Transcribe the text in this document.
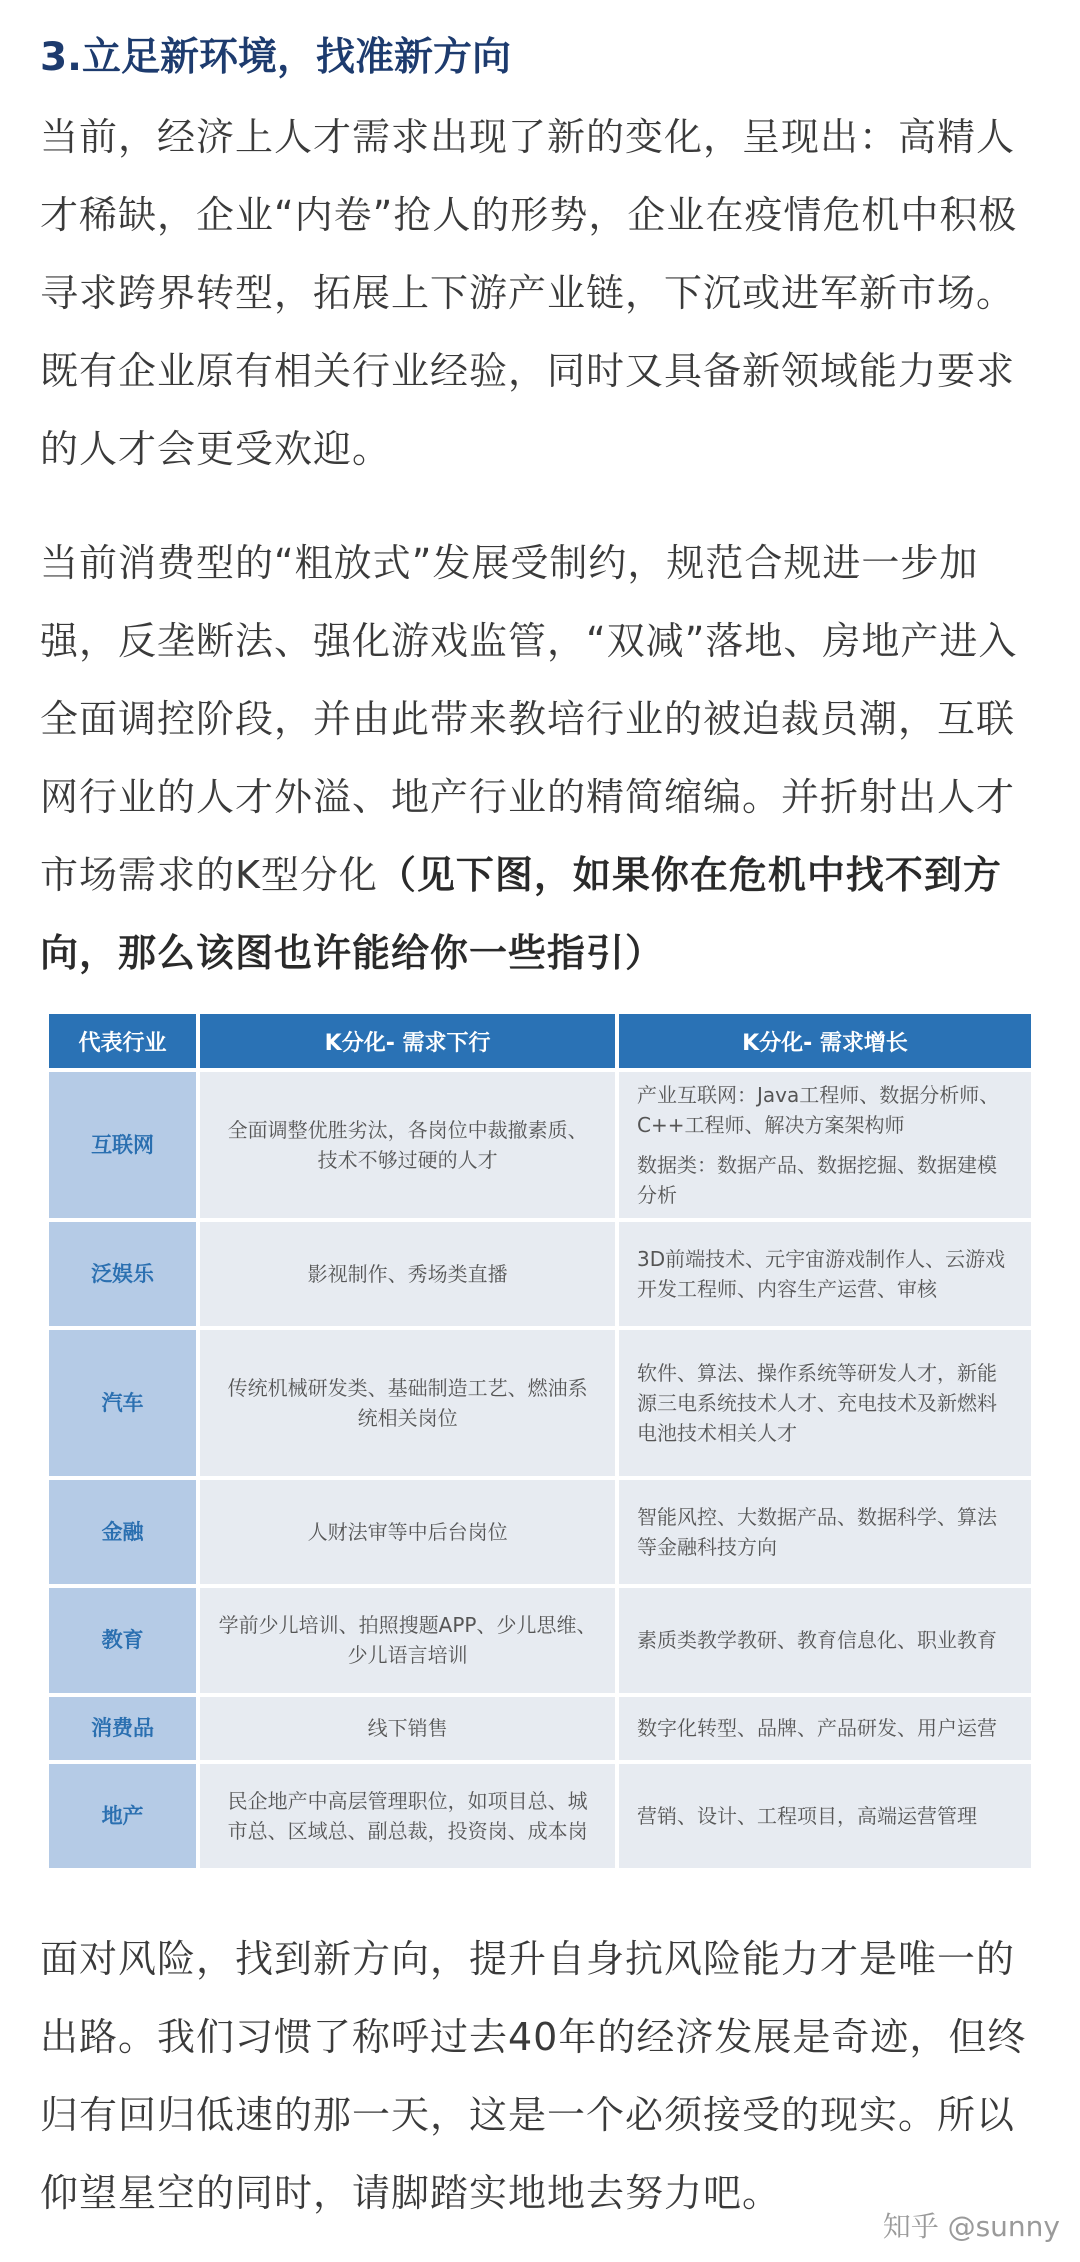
3.立足新环境，找准新方向

当前，经济上人才需求出现了新的变化，呈现出：高精人才稀缺，企业“内卷”抢人的形势，企业在疫情危机中积极寻求跨界转型，拓展上下游产业链，下沉或进军新市场。既有企业原有相关行业经验，同时又具备新领域能力要求的人才会更受欢迎。

当前消费型的“粗放式”发展受制约，规范合规进一步加强，反垄断法、强化游戏监管，“双减”落地、房地产进入全面调控阶段，并由此带来教培行业的被迫裁员潮，互联网行业的人才外溢、地产行业的精简缩编。并折射出人才市场需求的K型分化（见下图，如果你在危机中找不到方向，那么该图也许能给你一些指引）

代表行业	K分化- 需求下行	K分化- 需求增长
互联网	全面调整优胜劣汰，各岗位中裁撤素质、技术不够过硬的人才	产业互联网：Java工程师、数据分析师、C++工程师、解决方案架构师
数据类：数据产品、数据挖掘、数据建模分析

泛娱乐	影视制作、秀场类直播	3D前端技术、元宇宙游戏制作人、云游戏开发工程师、内容生产运营、审核

汽车	传统机械研发类、基础制造工艺、燃油系统相关岗位	软件、算法、操作系统等研发人才，新能源三电系统技术人才、充电技术及新燃料电池技术相关人才

金融	人财法审等中后台岗位	智能风控、大数据产品、数据科学、算法等金融科技方向

教育	学前少儿培训、拍照搜题APP、少儿思维、少儿语言培训	素质类教学教研、教育信息化、职业教育

消费品	线下销售	数字化转型、品牌、产品研发、用户运营

地产	民企地产中高层管理职位，如项目总、城市总、区域总、副总裁，投资岗、成本岗	营销、设计、工程项目，高端运营管理

面对风险，找到新方向，提升自身抗风险能力才是唯一的出路。我们习惯了称呼过去40年的经济发展是奇迹，但终归有回归低速的那一天，这是一个必须接受的现实。所以仰望星空的同时，请脚踏实地地去努力吧。

知乎 @sunny
